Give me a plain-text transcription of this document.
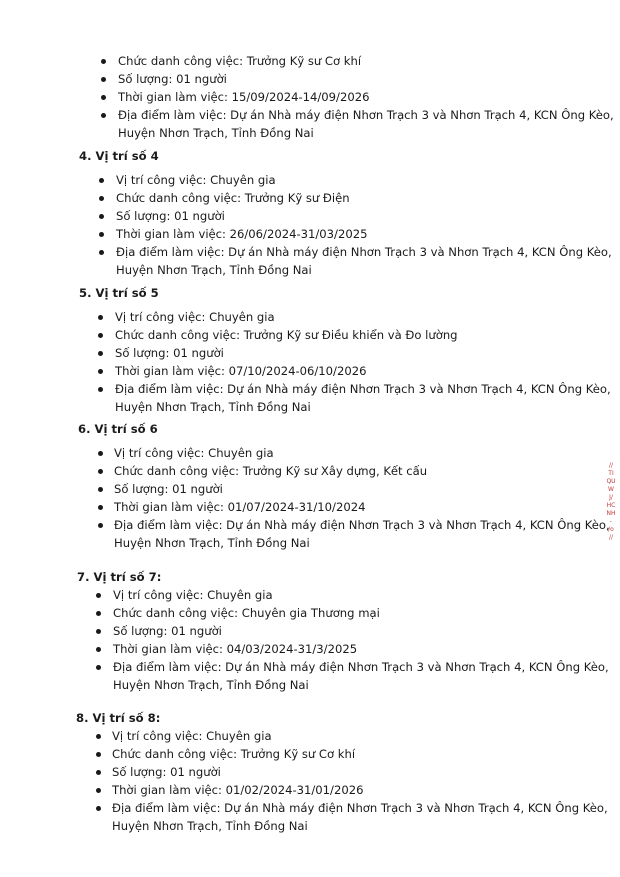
Chức danh công việc: Trưởng Kỹ sư Cơ khí
Số lượng: 01 người
Thời gian làm việc: 15/09/2024-14/09/2026
Địa điểm làm việc: Dự án Nhà máy điện Nhơn Trạch 3 và Nhơn Trạch 4, KCN Ông Kèo,
Huyện Nhơn Trạch, Tỉnh Đồng Nai
4. Vị trí số 4
Vị trí công việc: Chuyên gia
Chức danh công việc: Trưởng Kỹ sư Điện
Số lượng: 01 người
Thời gian làm việc: 26/06/2024-31/03/2025
Địa điểm làm việc: Dự án Nhà máy điện Nhơn Trạch 3 và Nhơn Trạch 4, KCN Ông Kèo,
Huyện Nhơn Trạch, Tỉnh Đồng Nai
5. Vị trí số 5
Vị trí công việc: Chuyên gia
Chức danh công việc: Trưởng Kỹ sư Điều khiển và Đo lường
Số lượng: 01 người
Thời gian làm việc: 07/10/2024-06/10/2026
Địa điểm làm việc: Dự án Nhà máy điện Nhơn Trạch 3 và Nhơn Trạch 4, KCN Ông Kèo,
Huyện Nhơn Trạch, Tỉnh Đồng Nai
6. Vị trí số 6
Vị trí công việc: Chuyên gia
Chức danh công việc: Trưởng Kỹ sư Xây dựng, Kết cấu
Số lượng: 01 người
Thời gian làm việc: 01/07/2024-31/10/2024
Địa điểm làm việc: Dự án Nhà máy điện Nhơn Trạch 3 và Nhơn Trạch 4, KCN Ông Kèo,
Huyện Nhơn Trạch, Tỉnh Đồng Nai
7. Vị trí số 7:
Vị trí công việc: Chuyên gia
Chức danh công việc: Chuyên gia Thương mại
Số lượng: 01 người
Thời gian làm việc: 04/03/2024-31/3/2025
Địa điểm làm việc: Dự án Nhà máy điện Nhơn Trạch 3 và Nhơn Trạch 4, KCN Ông Kèo,
Huyện Nhơn Trạch, Tỉnh Đồng Nai
8. Vị trí số 8:
Vị trí công việc: Chuyên gia
Chức danh công việc: Trưởng Kỹ sư Cơ khí
Số lượng: 01 người
Thời gian làm việc: 01/02/2024-31/01/2026
Địa điểm làm việc: Dự án Nhà máy điện Nhơn Trạch 3 và Nhơn Trạch 4, KCN Ông Kèo,
Huyện Nhơn Trạch, Tỉnh Đồng Nai
//
TI
QU
W
J/
HC
NH
-
/o
//
